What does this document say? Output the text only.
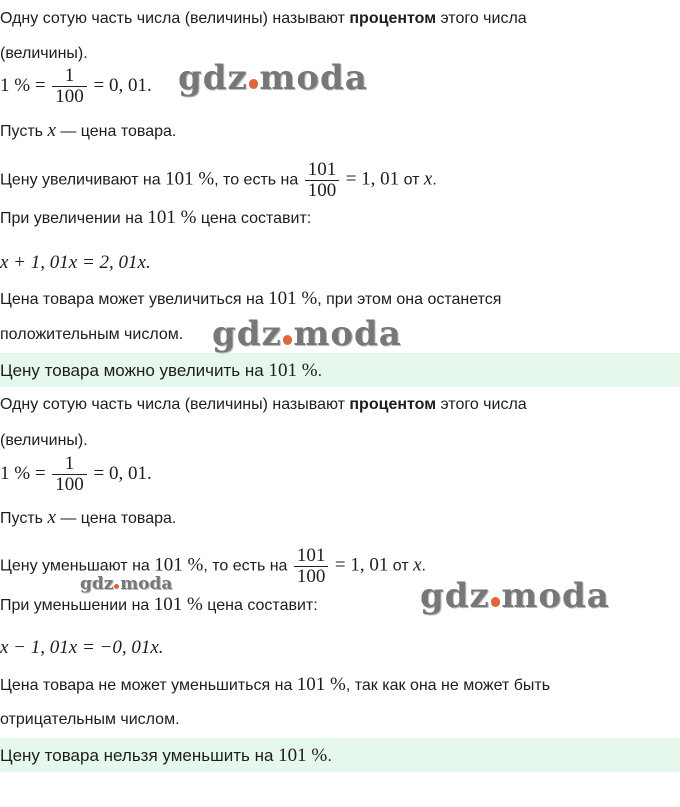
Одну сотую часть числа (величины) называют процентом этого числа
(величины).
1 % = $\frac{1}{100} = 0$, 01.
Пусть x — цена товара.
Цену увеличивают на 101 %, то есть на $\frac{101}{100} = 1$, 01 от x.
При увеличении на 101 % цена составит:
x + 1, 01x = 2, 01x.
Цена товара может увеличиться на 101 %, при этом она останется
положительным числом.
Цену товара можно увеличить на 101 %.
Одну сотую часть числа (величины) называют процентом этого числа
(величины).
1 % = $\frac{1}{100} = 0$, 01.
Пусть x — цена товара.
Цену уменьшают на 101 %, то есть на $\frac{101}{100} = 1$, 01 от x.
При уменьшении на 101 % цена составит:
x − 1, 01x = −0, 01x.
Цена товара не может уменьшиться на 101 %, так как она не может быть
отрицательным числом.
Цену товара нельзя уменьшить на 101 %.
gdz moda
gdz moda
gdz moda	gdz moda
